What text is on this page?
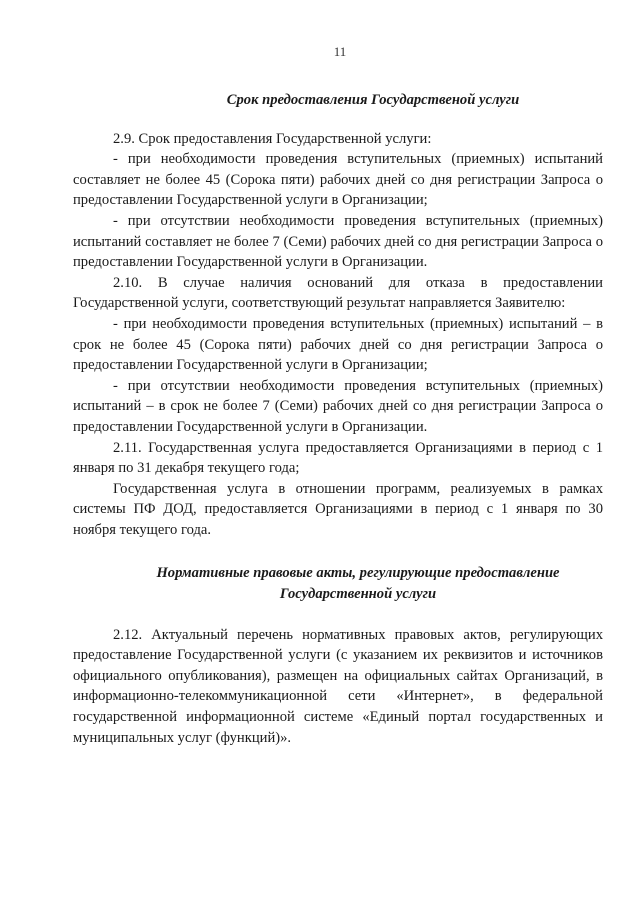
11

Срок предоставления Государственой услуги

2.9. Срок предоставления Государственной услуги:

- при необходимости проведения вступительных (приемных) испытаний составляет не более 45 (Сорока пяти) рабочих дней со дня регистрации Запроса о предоставлении Государственной услуги в Организации;

- при отсутствии необходимости проведения вступительных (приемных) испытаний составляет не более 7 (Семи) рабочих дней со дня регистрации Запроса о предоставлении Государственной услуги в Организации.

2.10. В случае наличия оснований для отказа в предоставлении Государственной услуги, соответствующий результат направляется Заявителю:

- при необходимости проведения вступительных (приемных) испытаний – в срок не более 45 (Сорока пяти) рабочих дней со дня регистрации Запроса о предоставлении Государственной услуги в Организации;

- при отсутствии необходимости проведения вступительных (приемных) испытаний – в срок не более 7 (Семи) рабочих дней со дня регистрации Запроса о предоставлении Государственной услуги в Организации.

2.11. Государственная услуга предоставляется Организациями в период с 1 января по 31 декабря текущего года;

Государственная услуга в отношении программ, реализуемых в рамках системы ПФ ДОД, предоставляется Организациями в период с 1 января по 30 ноября текущего года.

Нормативные правовые акты, регулирующие предоставление Государственной услуги

2.12. Актуальный перечень нормативных правовых актов, регулирующих предоставление Государственной услуги (с указанием их реквизитов и источников официального опубликования), размещен на официальных сайтах Организаций, в информационно-телекоммуникационной сети «Интернет», в федеральной государственной информационной системе «Единый портал государственных и муниципальных услуг (функций)».
